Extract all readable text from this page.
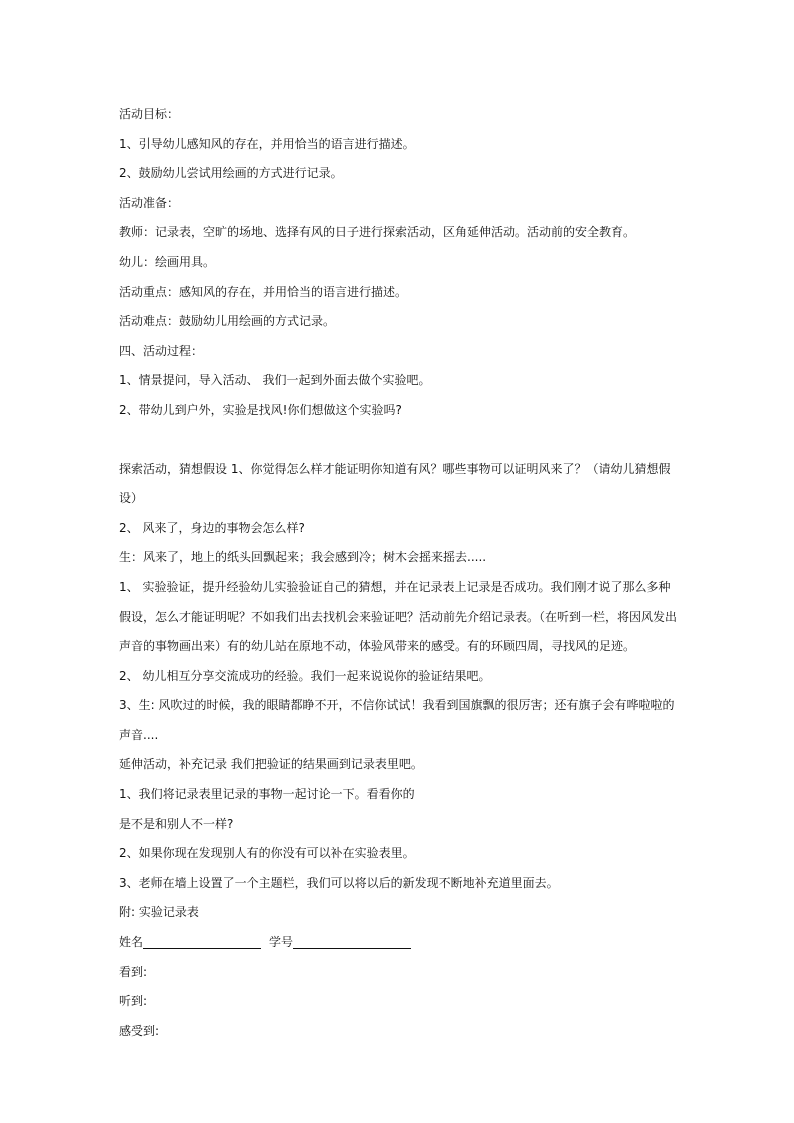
活动目标：

1、引导幼儿感知风的存在，并用恰当的语言进行描述。

2、鼓励幼儿尝试用绘画的方式进行记录。

活动准备：

教师：记录表，空旷的场地、选择有风的日子进行探索活动，区角延伸活动。活动前的安全教育。

幼儿：绘画用具。

活动重点：感知风的存在，并用恰当的语言进行描述。

活动难点：鼓励幼儿用绘画的方式记录。

四、活动过程：

1、情景提问，导入活动、 我们一起到外面去做个实验吧。

2、带幼儿到户外，实验是找风!你们想做这个实验吗?

探索活动，猜想假设 1、你觉得怎么样才能证明你知道有风？哪些事物可以证明风来了？（请幼儿猜想假设）

2、 风来了，身边的事物会怎么样?

生：风来了，地上的纸头回飘起来；我会感到冷；树木会摇来摇去.....

1、 实验验证，提升经验幼儿实验验证自己的猜想，并在记录表上记录是否成功。我们刚才说了那么多种假设，怎么才能证明呢？不如我们出去找机会来验证吧？活动前先介绍记录表。（在听到一栏，将因风发出声音的事物画出来）有的幼儿站在原地不动，体验风带来的感受。有的环顾四周，寻找风的足迹。

2、 幼儿相互分享交流成功的经验。我们一起来说说你的验证结果吧。

3、生: 风吹过的时候，我的眼睛都睁不开，不信你试试！我看到国旗飘的很厉害；还有旗子会有哗啦啦的声音....

延伸活动，补充记录 我们把验证的结果画到记录表里吧。

1、我们将记录表里记录的事物一起讨论一下。看看你的

是不是和别人不一样?

2、如果你现在发现别人有的你没有可以补在实验表里。

3、老师在墙上设置了一个主题栏，我们可以将以后的新发现不断地补充道里面去。

附: 实验记录表

姓名	学号

看到:

听到:

感受到:
